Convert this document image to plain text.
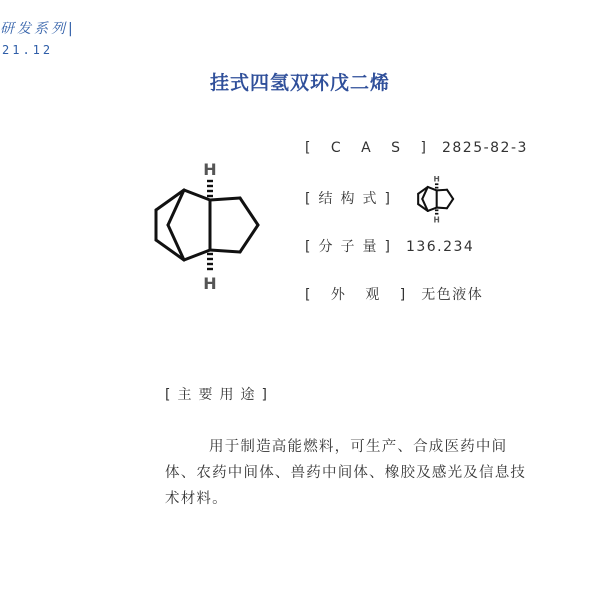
研发系列|
21.12
挂式四氢双环戊二烯
H
H
[ C A S ] 2825-82-3
[结构式]
[分子量] 136.234
[ 外 观 ] 无色液体
H
H
[主要用途]
用于制造高能燃料，可生产、合成医药中间体、农药中间体、兽药中间体、橡胶及感光及信息技术材料。
